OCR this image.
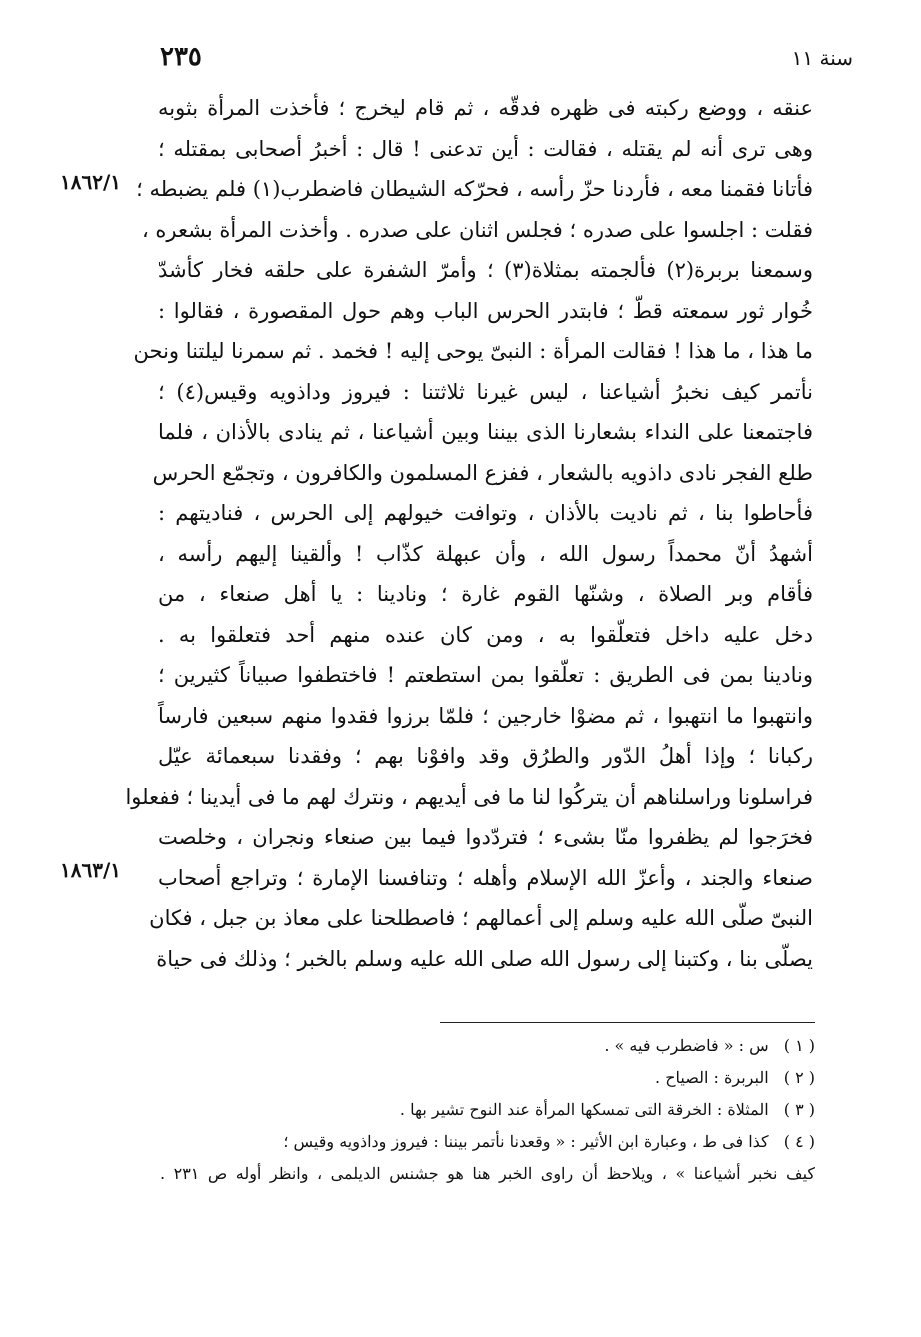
٢٣٥	سنة ١١
عنقه ، ووضع ركبته فى ظهره فدقّه ، ثم قام ليخرج ؛ فأخذت المرأة بثوبه
وهى ترى أنه لم يقتله ، فقالت : أين تدعنى ! قال : أخبرُ أصحابى بمقتله ؛
فأتانا فقمنا معه ، فأردنا حزّ رأسه ، فحرّكه الشيطان فاضطرب(١) فلم يضبطه ؛
فقلت : اجلسوا على صدره ؛ فجلس اثنان على صدره . وأخذت المرأة بشعره ،
وسمعنا بربرة(٢) فألجمته بمثلاة(٣) ؛ وأمرّ الشفرة على حلقه فخار كأشدّ
خُوار ثور سمعته قطّ ؛ فابتدر الحرس الباب وهم حول المقصورة ، فقالوا :
ما هذا ، ما هذا ! فقالت المرأة : النبىّ يوحى إليه ! فخمد . ثم سمرنا ليلتنا ونحن
نأتمر كيف نخبرُ أشياعنا ، ليس غيرنا ثلاثتنا : فيروز وداذويه وقيس(٤) ؛
فاجتمعنا على النداء بشعارنا الذى بيننا وبين أشياعنا ، ثم ينادى بالأذان ، فلما
طلع الفجر نادى داذويه بالشعار ، ففزع المسلمون والكافرون ، وتجمّع الحرس
فأحاطوا بنا ، ثم ناديت بالأذان ، وتوافت خيولهم إلى الحرس ، فناديتهم :
أشهدُ أنّ محمداً رسول الله ، وأن عبهلة كذّاب ! وألقينا إليهم رأسه ،
فأقام وبر الصلاة ، وشنّها القوم غارة ؛ ونادينا : يا أهل صنعاء ، من
دخل عليه داخل فتعلّقوا به ، ومن كان عنده منهم أحد فتعلقوا به .
ونادينا بمن فى الطريق : تعلّقوا بمن استطعتم ! فاختطفوا صبياناً كثيرين ؛
وانتهبوا ما انتهبوا ، ثم مضوْا خارجين ؛ فلمّا برزوا فقدوا منهم سبعين فارساً
ركبانا ؛ وإذا أهلُ الدّور والطرُق وقد وافوْنا بهم ؛ وفقدنا سبعمائة عيّل
فراسلونا وراسلناهم أن يتركُوا لنا ما فى أيديهم ، ونترك لهم ما فى أيدينا ؛ ففعلوا
فخرَجوا لم يظفروا منّا بشىء ؛ فتردّدوا فيما بين صنعاء ونجران ، وخلصت
صنعاء والجند ، وأعزّ الله الإسلام وأهله ؛ وتنافسنا الإمارة ؛ وتراجع أصحاب
النبىّ صلّى الله عليه وسلم إلى أعمالهم ؛ فاصطلحنا على معاذ بن جبل ، فكان
يصلّى بنا ، وكتبنا إلى رسول الله صلى الله عليه وسلم بالخبر ؛ وذلك فى حياة
١٨٦٢/١
١٨٦٣/١
( ١ ) س : « فاضطرب فيه » .
( ٢ ) البربرة : الصياح .
( ٣ ) المثلاة : الخرقة التى تمسكها المرأة عند النوح تشير بها .
( ٤ ) كذا فى ط ، وعبارة ابن الأثير : « وقعدنا نأتمر بيننا : فيروز وداذويه وقيس ؛
كيف نخبر أشياعنا » ، ويلاحظ أن راوى الخبر هنا هو جشنس الديلمى ، وانظر أوله ص ٢٣١ .
